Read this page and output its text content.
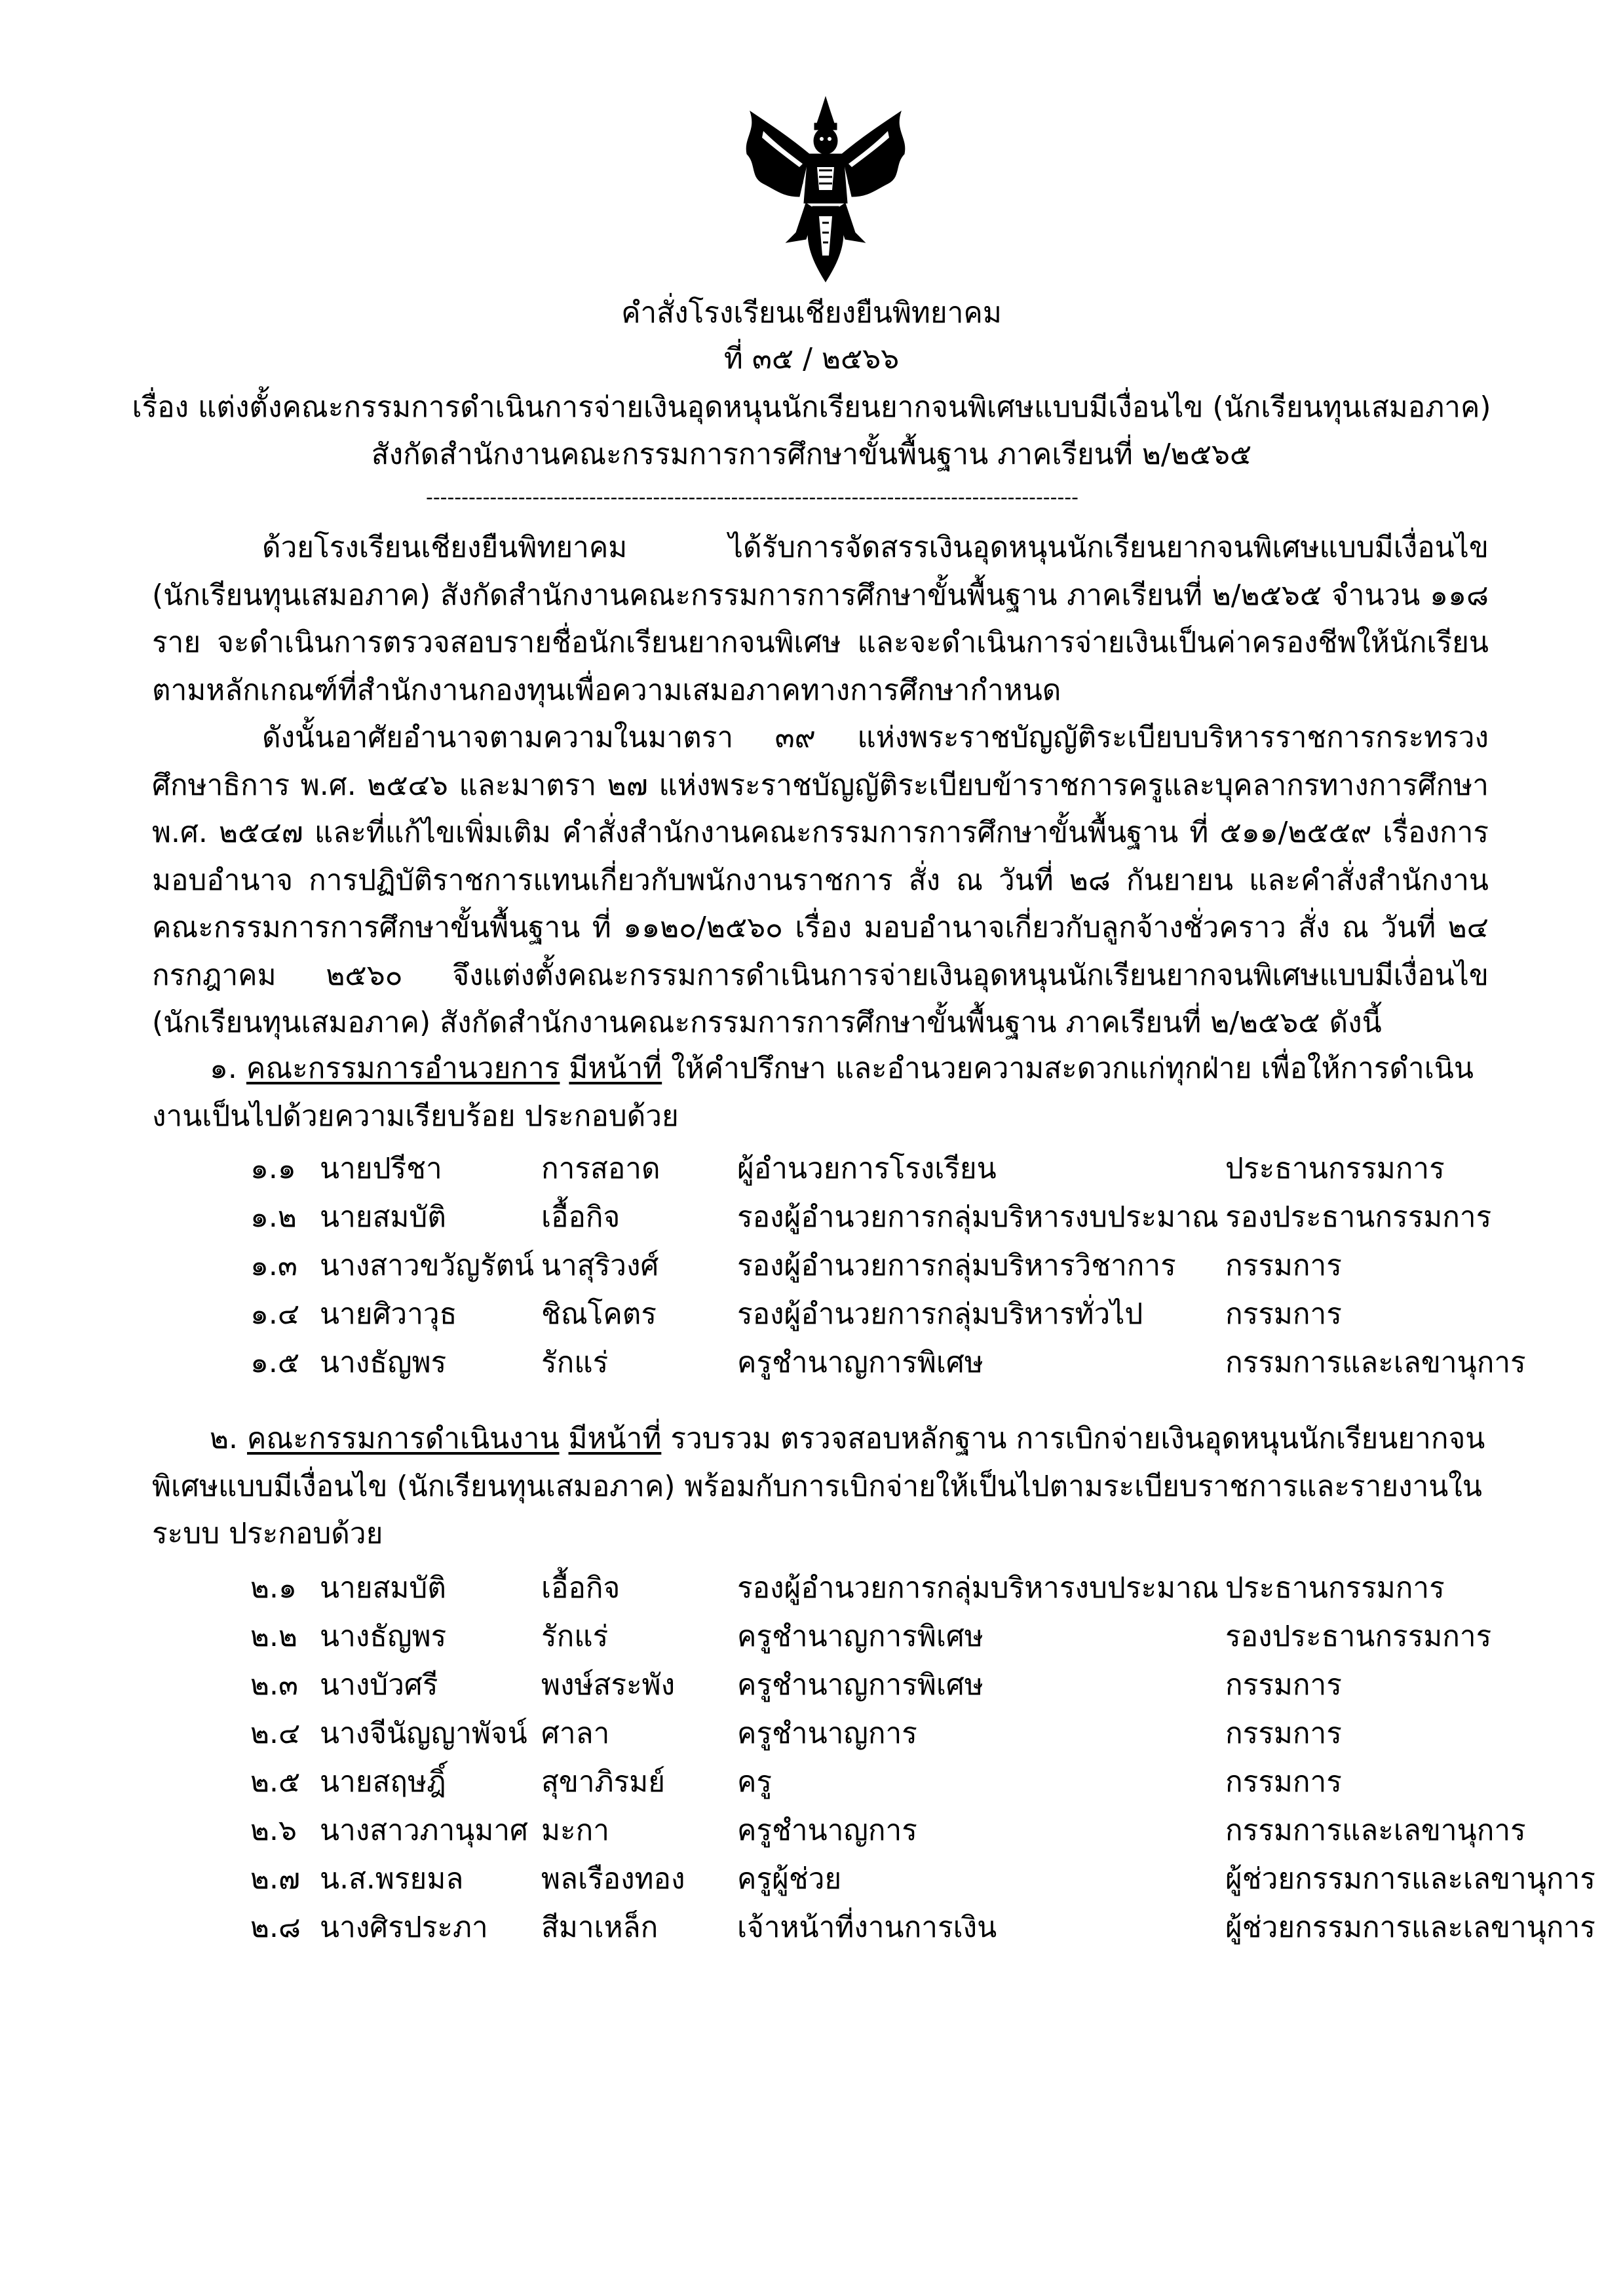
คำสั่งโรงเรียนเชียงยืนพิทยาคม
ที่ ๓๕ / ๒๕๖๖
เรื่อง แต่งตั้งคณะกรรมการดำเนินการจ่ายเงินอุดหนุนนักเรียนยากจนพิเศษแบบมีเงื่อนไข (นักเรียนทุนเสมอภาค)
สังกัดสำนักงานคณะกรรมการการศึกษาขั้นพื้นฐาน ภาคเรียนที่ ๒/๒๕๖๕
--------------------------------------------------------------------------------------------

ด้วยโรงเรียนเชียงยืนพิทยาคม ได้รับการจัดสรรเงินอุดหนุนนักเรียนยากจนพิเศษแบบมีเงื่อนไข (นักเรียนทุนเสมอภาค) สังกัดสำนักงานคณะกรรมการการศึกษาขั้นพื้นฐาน ภาคเรียนที่ ๒/๒๕๖๕ จำนวน ๑๑๘ ราย จะดำเนินการตรวจสอบรายชื่อนักเรียนยากจนพิเศษ และจะดำเนินการจ่ายเงินเป็นค่าครองชีพให้นักเรียนตามหลักเกณฑ์ที่สำนักงานกองทุนเพื่อความเสมอภาคทางการศึกษากำหนด

ดังนั้นอาศัยอำนาจตามความในมาตรา ๓๙ แห่งพระราชบัญญัติระเบียบบริหารราชการกระทรวงศึกษาธิการ พ.ศ. ๒๕๔๖ และมาตรา ๒๗ แห่งพระราชบัญญัติระเบียบข้าราชการครูและบุคลากรทางการศึกษา พ.ศ. ๒๕๔๗ และที่แก้ไขเพิ่มเติม คำสั่งสำนักงานคณะกรรมการการศึกษาขั้นพื้นฐาน ที่ ๕๑๑/๒๕๕๙ เรื่องการมอบอำนาจ การปฏิบัติราชการแทนเกี่ยวกับพนักงานราชการ สั่ง ณ วันที่ ๒๘ กันยายน และคำสั่งสำนักงานคณะกรรมการการศึกษาขั้นพื้นฐาน ที่ ๑๑๒๐/๒๕๖๐ เรื่อง มอบอำนาจเกี่ยวกับลูกจ้างชั่วคราว สั่ง ณ วันที่ ๒๔ กรกฎาคม ๒๕๖๐ จึงแต่งตั้งคณะกรรมการดำเนินการจ่ายเงินอุดหนุนนักเรียนยากจนพิเศษแบบมีเงื่อนไข (นักเรียนทุนเสมอภาค) สังกัดสำนักงานคณะกรรมการการศึกษาขั้นพื้นฐาน ภาคเรียนที่ ๒/๒๕๖๕ ดังนี้

๑. คณะกรรมการอำนวยการ มีหน้าที่ ให้คำปรึกษา และอำนวยความสะดวกแก่ทุกฝ่าย เพื่อให้การดำเนินงานเป็นไปด้วยความเรียบร้อย ประกอบด้วย

๑.๑ นายปรีชา	การสอาด	ผู้อำนวยการโรงเรียน	ประธานกรรมการ
๑.๒ นายสมบัติ	เอื้อกิจ	รองผู้อำนวยการกลุ่มบริหารงบประมาณ รองประธานกรรมการ
๑.๓ นางสาวขวัญรัตน์ นาสุริวงศ์	รองผู้อำนวยการกลุ่มบริหารวิชาการ กรรมการ
๑.๔ นายศิวาวุธ	ชิณโคตร	รองผู้อำนวยการกลุ่มบริหารทั่วไป	กรรมการ
๑.๕ นางธัญพร	รักแร่	ครูชำนาญการพิเศษ	กรรมการและเลขานุการ

๒. คณะกรรมการดำเนินงาน มีหน้าที่ รวบรวม ตรวจสอบหลักฐาน การเบิกจ่ายเงินอุดหนุนนักเรียนยากจนพิเศษแบบมีเงื่อนไข (นักเรียนทุนเสมอภาค) พร้อมกับการเบิกจ่ายให้เป็นไปตามระเบียบราชการและรายงานในระบบ ประกอบด้วย

๒.๑ นายสมบัติ	เอื้อกิจ	รองผู้อำนวยการกลุ่มบริหารงบประมาณ ประธานกรรมการ
๒.๒ นางธัญพร	รักแร่	ครูชำนาญการพิเศษ	รองประธานกรรมการ
๒.๓ นางบัวศรี	พงษ์สระพัง ครูชำนาญการพิเศษ	กรรมการ
๒.๔ นางจีนัญญาพัจน์ ศาลา	ครูชำนาญการ	กรรมการ
๒.๕ นายสฤษฎิ์	สุขาภิรมย์ ครู	กรรมการ
๒.๖ นางสาวภานุมาศ มะกา	ครูชำนาญการ	กรรมการและเลขานุการ
๒.๗ น.ส.พรยมล	พลเรืองทอง ครูผู้ช่วย	ผู้ช่วยกรรมการและเลขานุการ
๒.๘ นางศิรประภา สีมาเหล็ก	เจ้าหน้าที่งานการเงิน	ผู้ช่วยกรรมการและเลขานุการ
